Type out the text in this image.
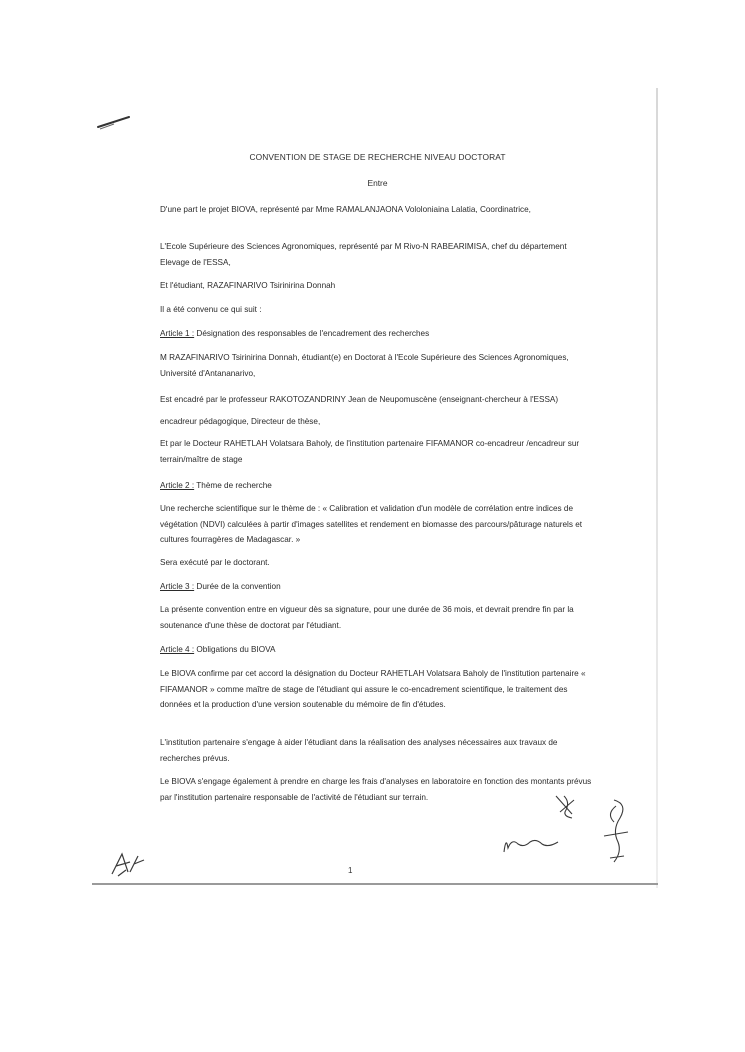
CONVENTION DE STAGE DE RECHERCHE NIVEAU DOCTORAT
Entre
D'une part le projet BIOVA, représenté par Mme RAMALANJAONA Vololoniaina Lalatia, Coordinatrice,
L'Ecole Supérieure des Sciences Agronomiques, représenté par M Rivo-N RABEARIMISA, chef du département Elevage de l'ESSA,
Et l'étudiant, RAZAFINARIVO Tsirinirina Donnah
Il a été convenu ce qui suit :
Article 1 : Désignation des responsables de l'encadrement des recherches
M RAZAFINARIVO Tsirinirina Donnah, étudiant(e) en Doctorat à l'Ecole Supérieure des Sciences Agronomiques, Université d'Antananarivo,
Est encadré par le professeur RAKOTOZANDRINY Jean de Neupomuscène (enseignant-chercheur à l'ESSA) encadreur pédagogique, Directeur de thèse,
Et par le Docteur RAHETLAH Volatsara Baholy, de l'institution partenaire FIFAMANOR co-encadreur /encadreur sur terrain/maître de stage
Article 2 : Thème de recherche
Une recherche scientifique sur le thème de : « Calibration et validation d'un modèle de corrélation entre indices de végétation (NDVI) calculées à partir d'images satellites et rendement en biomasse des parcours/pâturage naturels et cultures fourragères de Madagascar. »
Sera exécuté par le doctorant.
Article 3 : Durée de la convention
La présente convention entre en vigueur dès sa signature, pour une durée de 36 mois, et devrait prendre fin par la soutenance d'une thèse de doctorat par l'étudiant.
Article 4 : Obligations du BIOVA
Le BIOVA confirme par cet accord la désignation du Docteur RAHETLAH Volatsara Baholy de l'institution partenaire « FIFAMANOR » comme maître de stage de l'étudiant qui assure le co-encadrement scientifique, le traitement des données et la production d'une version soutenable du mémoire de fin d'études.
L'institution partenaire s'engage à aider l'étudiant dans la réalisation des analyses nécessaires aux travaux de recherches prévus.
Le BIOVA s'engage également à prendre en charge les frais d'analyses en laboratoire en fonction des montants prévus par l'institution partenaire responsable de l'activité de l'étudiant sur terrain.
1
